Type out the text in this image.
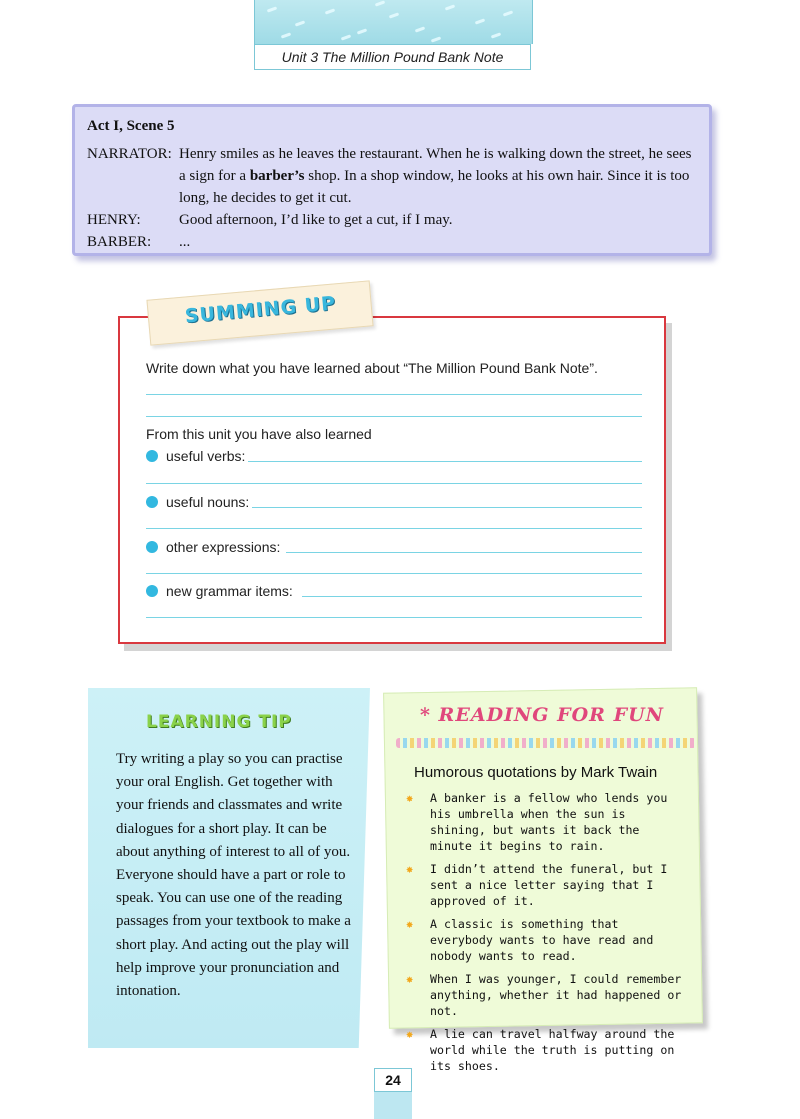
Unit 3 The Million Pound Bank Note
Act I, Scene 5
NARRATOR: Henry smiles as he leaves the restaurant. When he is walking down the street, he sees a sign for a barber’s shop. In a shop window, he looks at his own hair. Since it is too long, he decides to get it cut.
HENRY:	Good afternoon, I’d like to get a cut, if I may.
BARBER:	...
Write down what you have learned about “The Million Pound Bank Note”.
From this unit you have also learned
useful verbs:
useful nouns:
other expressions:
new grammar items:
SUMMING UP
LEARNING TIP
Try writing a play so you can practise your oral English. Get together with your friends and classmates and write dialogues for a short play. It can be about anything of interest to all of you. Everyone should have a part or role to speak. You can use one of the reading passages from your textbook to make a short play. And acting out the play will help improve your pronunciation and intonation.
* READING FOR FUN
Humorous quotations by Mark Twain
✸	A banker is a fellow who lends you his umbrella when the sun is shining, but wants it back the minute it begins to rain.
✸	I didn’t attend the funeral, but I sent a nice letter saying that I approved of it.
✸	A classic is something that everybody wants to have read and nobody wants to read.
✸	When I was younger, I could remember anything, whether it had happened or not.
✸	A lie can travel halfway around the world while the truth is putting on its shoes.
24
